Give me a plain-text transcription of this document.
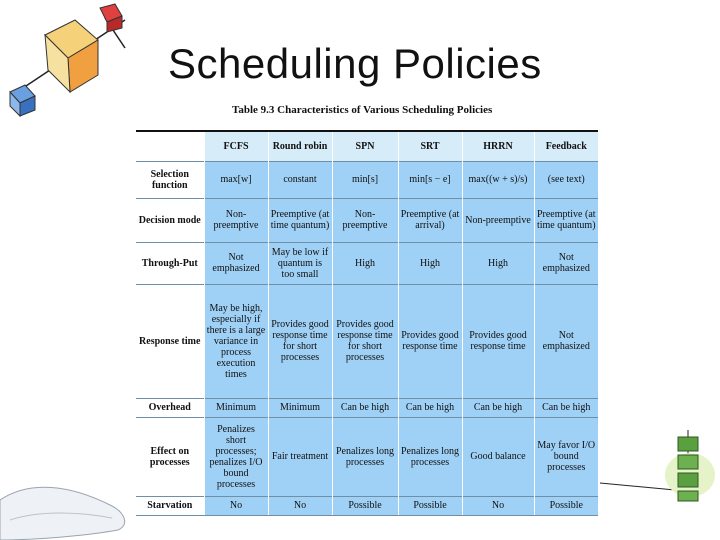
Scheduling Policies
Table 9.3 Characteristics of Various Scheduling Policies
	FCFS	Round robin	SPN	SRT	HRRN	Feedback
Selection function	max[w]	constant	min[s]	min[s − e]	max((w + s)/s)	(see text)
Decision mode	Non-preemptive	Preemptive (at time quantum)	Non-preemptive	Preemptive (at arrival)	Non-preemptive	Preemptive (at time quantum)
Through-Put	Not emphasized	May be low if quantum is too small	High	High	High	Not emphasized
Response time	May be high, especially if there is a large variance in process execution times	Provides good response time for short processes	Provides good response time for short processes	Provides good response time	Provides good response time	Not emphasized
Overhead	Minimum	Minimum	Can be high	Can be high	Can be high	Can be high
Effect on processes	Penalizes short processes; penalizes I/O bound processes	Fair treatment	Penalizes long processes	Penalizes long processes	Good balance	May favor I/O bound processes
Starvation	No	No	Possible	Possible	No	Possible
